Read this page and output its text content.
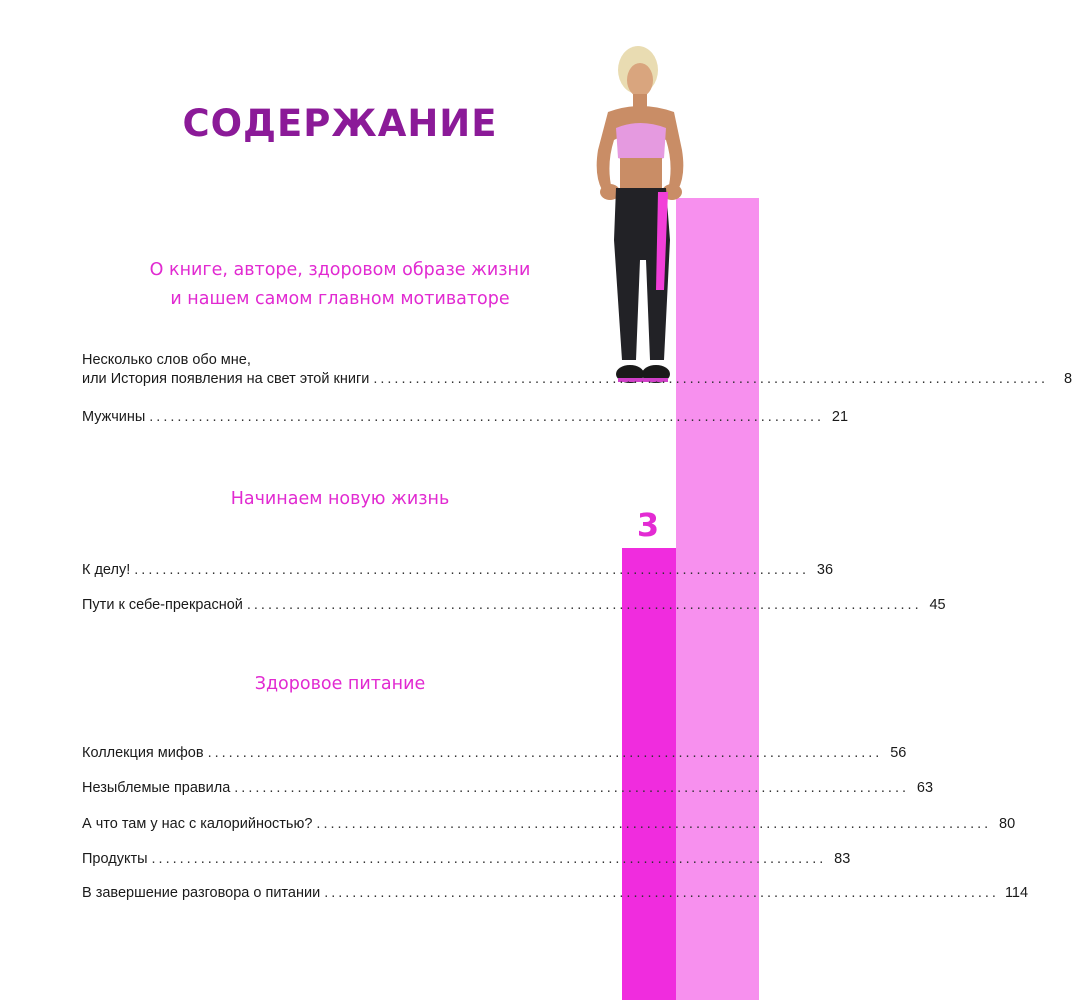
3
СОДЕРЖАНИЕ
О книге, авторе, здоровом образе жизни
и нашем самом главном мотиваторе
Несколько слов обо мне,
или История появления на свет этой книги ................................................................................................	8
Мужчины ................................................................................................ 21
Начинаем новую жизнь
К делу! ................................................................................................ 36
Пути к себе-прекрасной ................................................................................................ 45
Здоровое питание
Коллекция мифов ................................................................................................ 56
Незыблемые правила ................................................................................................ 63
А что там у нас с калорийностью? ................................................................................................ 80
Продукты ................................................................................................ 83
В завершение разговора о питании ................................................................................................ 114
